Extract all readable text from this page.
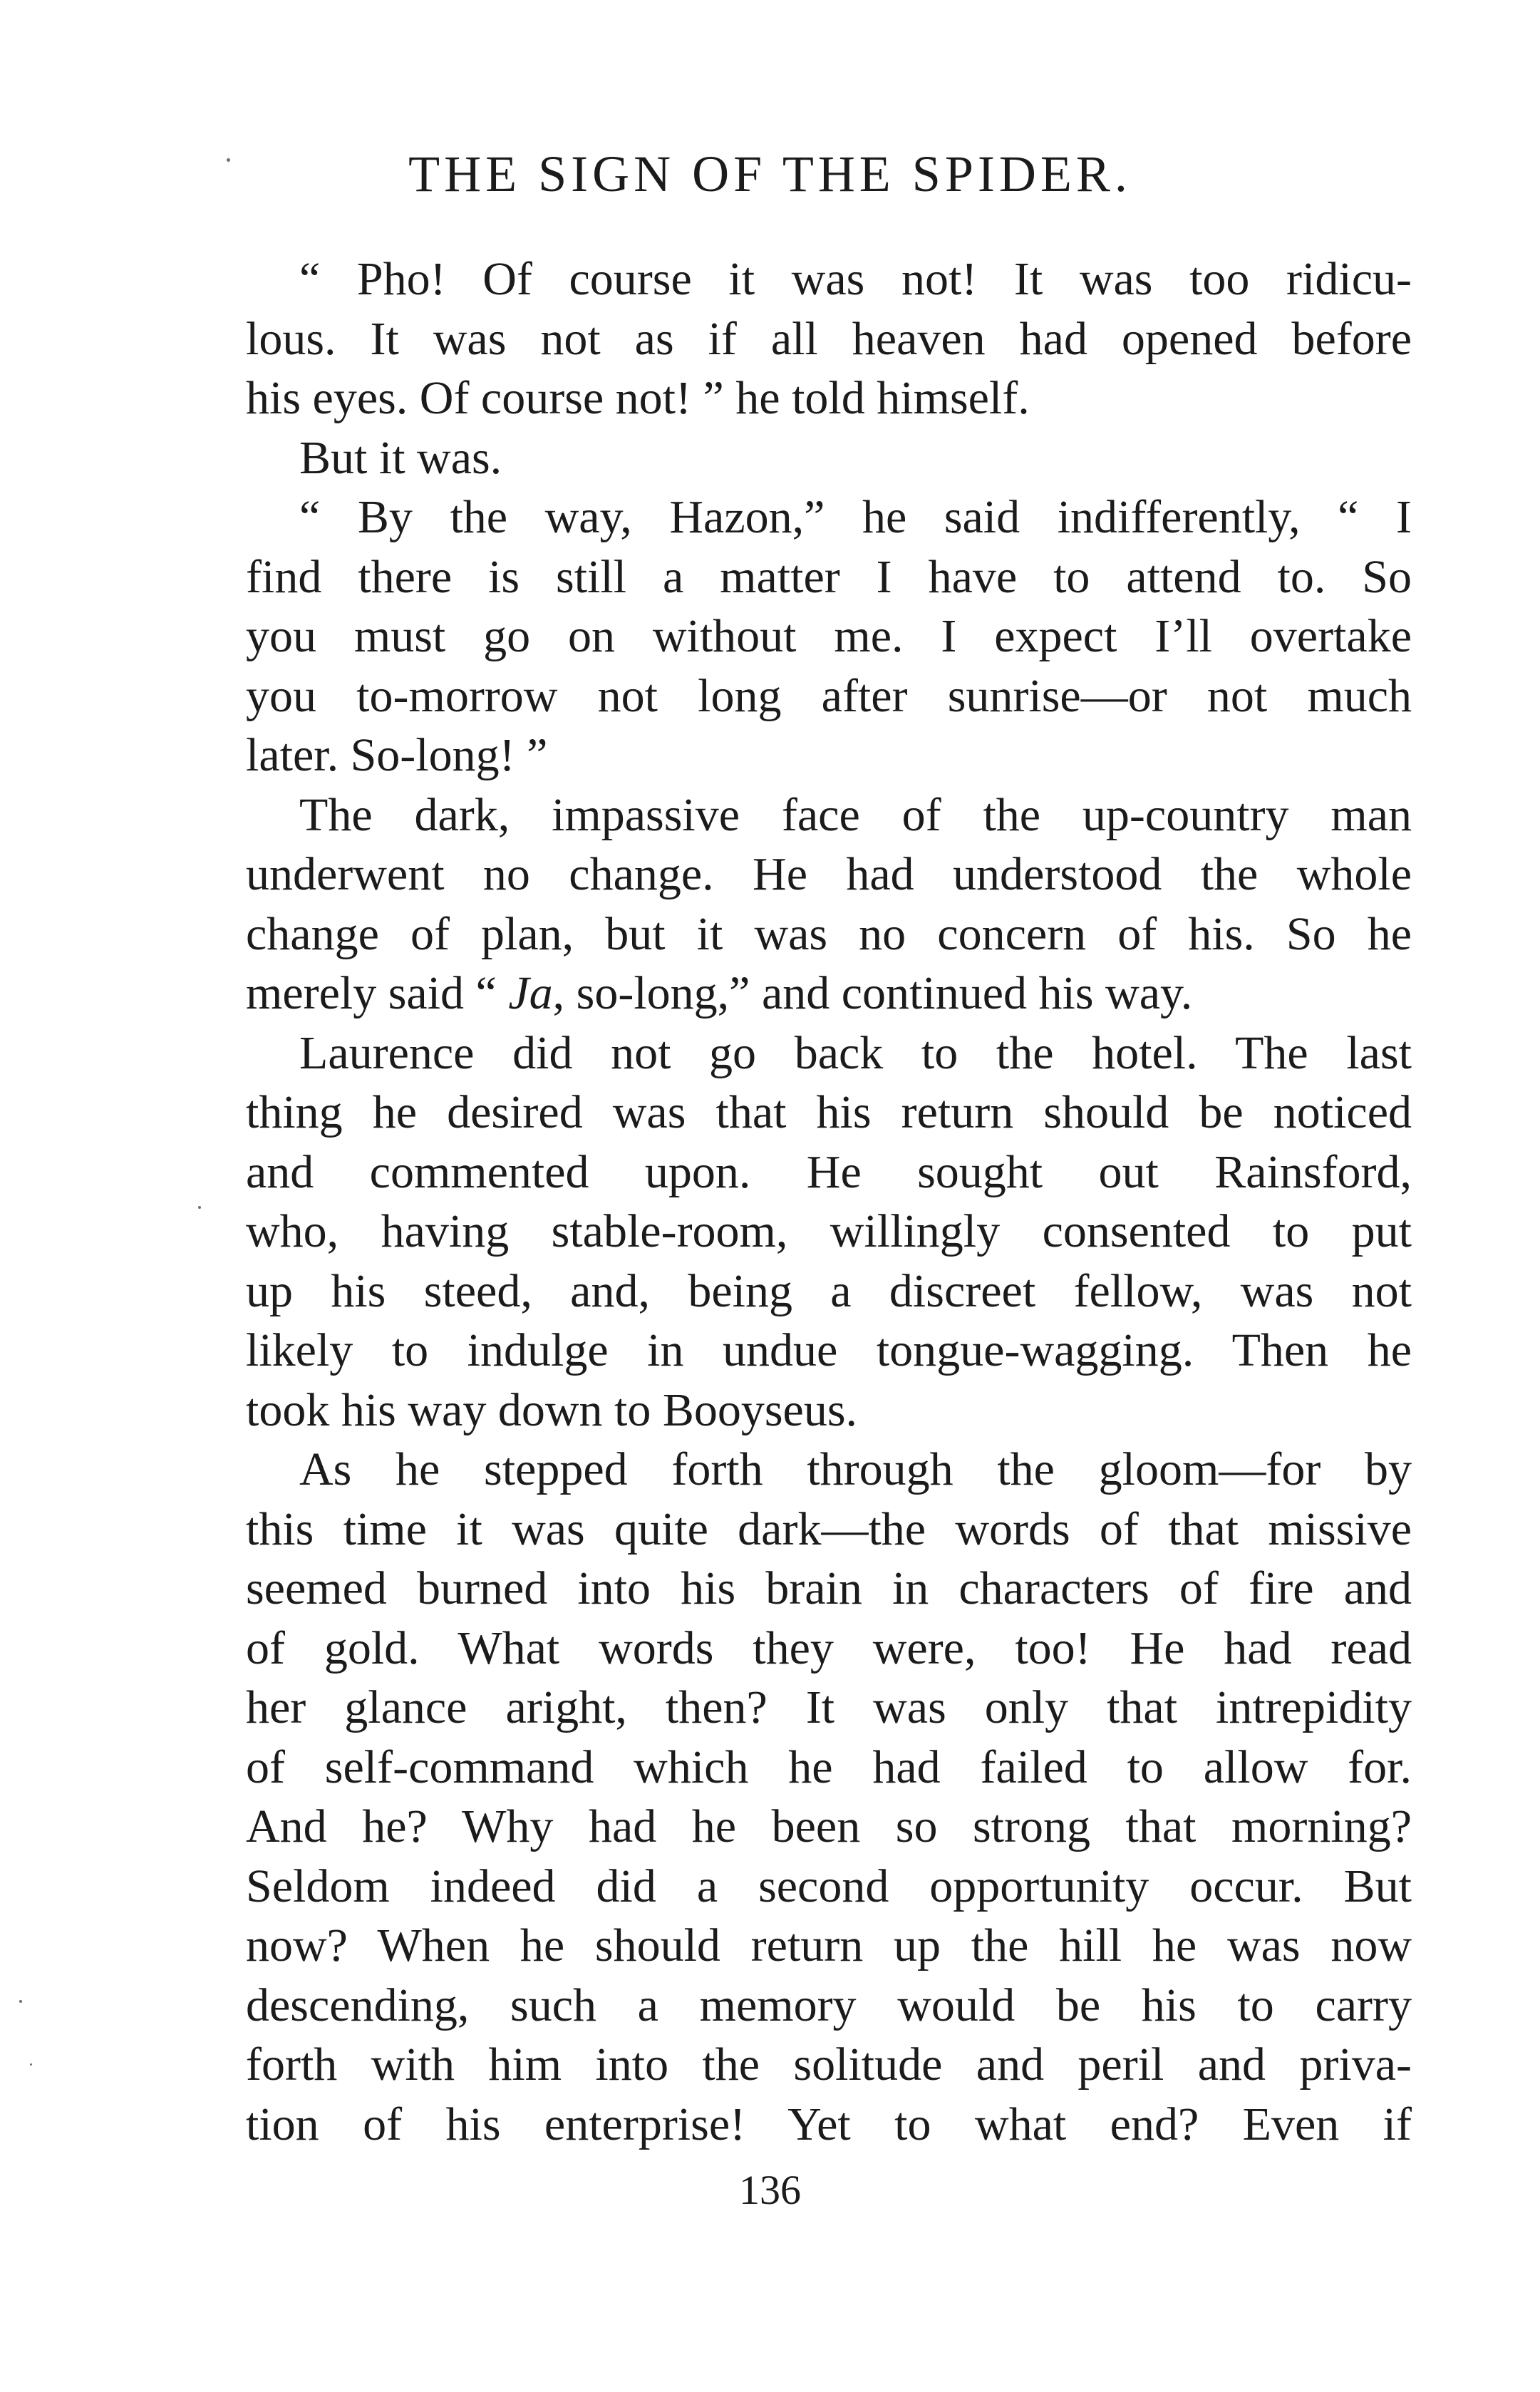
THE SIGN OF THE SPIDER.
“ Pho! Of course it was not! It was too ridicu-
lous. It was not as if all heaven had opened before
his eyes. Of course not! ” he told himself.
But it was.
“ By the way, Hazon,” he said indifferently, “ I
find there is still a matter I have to attend to. So
you must go on without me. I expect I’ll overtake
you to-morrow not long after sunrise—or not much
later. So-long! ”
The dark, impassive face of the up-country man
underwent no change. He had understood the whole
change of plan, but it was no concern of his. So he
merely said “ Ja, so-long,” and continued his way.
Laurence did not go back to the hotel. The last
thing he desired was that his return should be noticed
and commented upon. He sought out Rainsford,
who, having stable-room, willingly consented to put
up his steed, and, being a discreet fellow, was not
likely to indulge in undue tongue-wagging. Then he
took his way down to Booyseus.
As he stepped forth through the gloom—for by
this time it was quite dark—the words of that missive
seemed burned into his brain in characters of fire and
of gold. What words they were, too! He had read
her glance aright, then? It was only that intrepidity
of self-command which he had failed to allow for.
And he? Why had he been so strong that morning?
Seldom indeed did a second opportunity occur. But
now? When he should return up the hill he was now
descending, such a memory would be his to carry
forth with him into the solitude and peril and priva-
tion of his enterprise! Yet to what end? Even if
136
